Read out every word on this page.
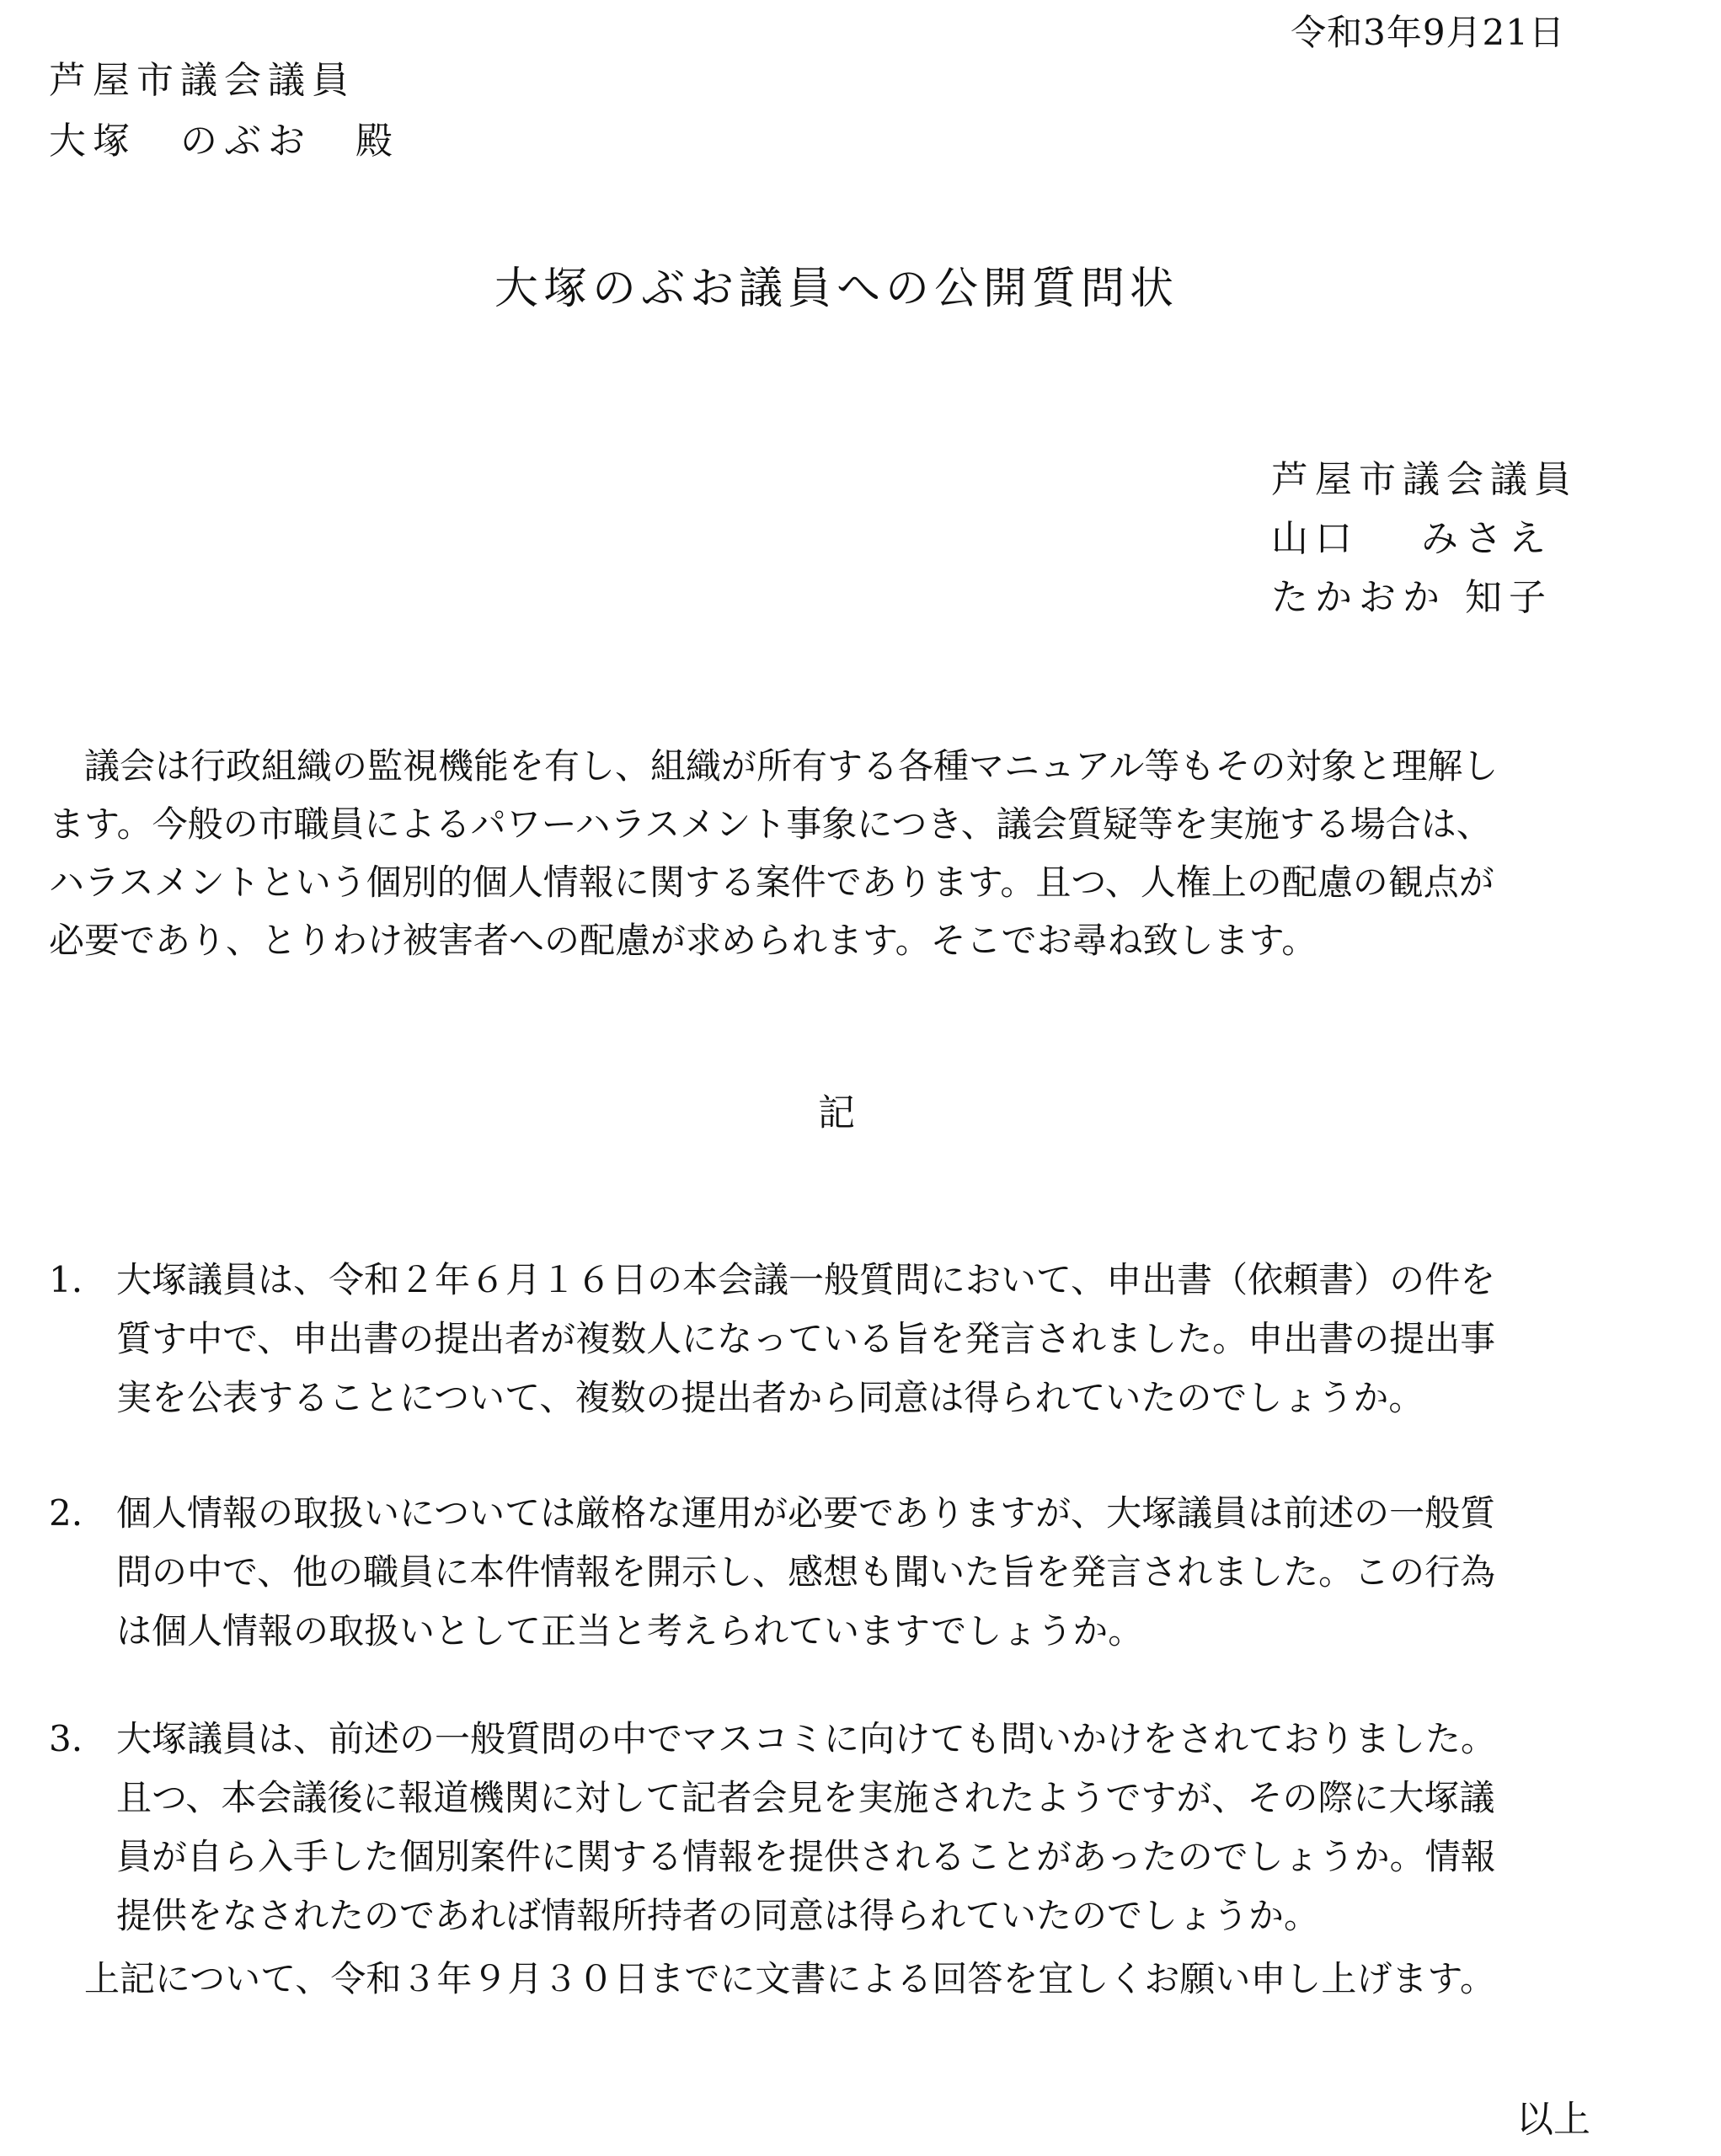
令和3年9月21日
芦屋市議会議員
大塚　のぶお　殿
大塚のぶお議員への公開質問状
芦屋市議会議員
山口　 みさえ
たかおか 知子
　議会は行政組織の監視機能を有し、組織が所有する各種マニュアル等もその対象と理解し
ます。今般の市職員によるパワーハラスメント事象につき、議会質疑等を実施する場合は、
ハラスメントという個別的個人情報に関する案件であります。且つ、人権上の配慮の観点が
必要であり、とりわけ被害者への配慮が求められます。そこでお尋ね致します。
記
1. 大塚議員は、令和２年６月１６日の本会議一般質問において、申出書（依頼書）の件を
質す中で、申出書の提出者が複数人になっている旨を発言されました。申出書の提出事
実を公表することについて、複数の提出者から同意は得られていたのでしょうか。
2. 個人情報の取扱いについては厳格な運用が必要でありますが、大塚議員は前述の一般質
問の中で、他の職員に本件情報を開示し、感想も聞いた旨を発言されました。この行為
は個人情報の取扱いとして正当と考えられていますでしょうか。
3. 大塚議員は、前述の一般質問の中でマスコミに向けても問いかけをされておりました。
且つ、本会議後に報道機関に対して記者会見を実施されたようですが、その際に大塚議
員が自ら入手した個別案件に関する情報を提供されることがあったのでしょうか。情報
提供をなされたのであれば情報所持者の同意は得られていたのでしょうか。
　上記について、令和３年９月３０日までに文書による回答を宜しくお願い申し上げます。
以上
